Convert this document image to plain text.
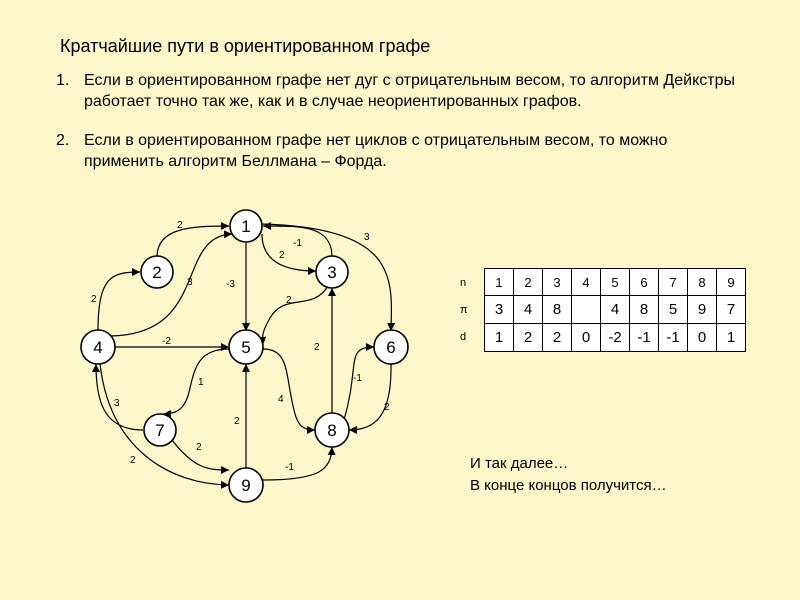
Кратчайшие пути в ориентированном графе
1. Если в ориентированном графе нет дуг с отрицательным весом, то алгоритм Дейкстры работает точно так же, как и в случае неориентированных графов.
2. Если в ориентированном графе нет циклов с отрицательным весом, то можно применить алгоритм Беллмана – Форда.
2
3	-3
-1
2
3
2	2
-2
2
-1
2
1
3	4
2
2
2
-1
1
2	3
4	5	6
7	8
9
n
π
d
1	2	3	4	5	6	7	8	9
3	4	8		4	8	5	9	7
1	2	2	0	-2	-1	-1	0	1
И так далее…
В конце концов получится…
